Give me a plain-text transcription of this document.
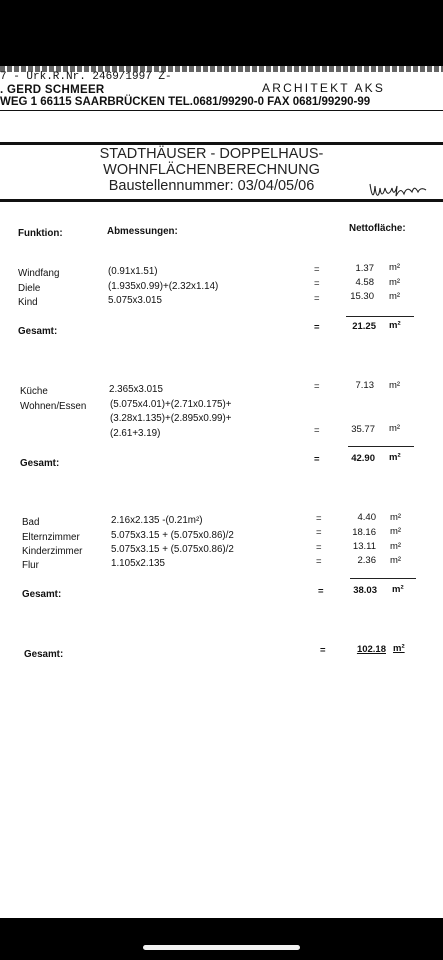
7 - Urk.R.Nr. 2469/1997 Z-
. GERD SCHMEER	ARCHITEKT AKS
WEG 1 66115 SAARBRÜCKEN TEL.0681/99290-0 FAX 0681/99290-99
STADTHÄUSER - DOPPELHAUS-
WOHNFLÄCHENBERECHNUNG
Baustellennummer: 03/04/05/06
Funktion:	Abmessungen:	Nettofläche:
Windfang	(0.91x1.51)	=	1.37 m²
Diele	(1.935x0.99)+(2.32x1.14)	=	4.58 m²
Kind	5.075x3.015	=	15.30 m²
Gesamt:	=	21.25 m²
Küche	2.365x3.015	=	7.13 m²
Wohnen/Essen (5.075x4.01)+(2.71x0.175)+
(3.28x1.135)+(2.895x0.99)+
(2.61+3.19)	=	35.77 m²
Gesamt:	=	42.90 m²
Bad	2.16x2.135 -(0.21m²)	=	4.40 m²
Elternzimmer	5.075x3.15 + (5.075x0.86)/2	=	18.16 m²
Kinderzimmer	5.075x3.15 + (5.075x0.86)/2	=	13.11 m²
Flur	1.105x2.135	=	2.36 m²
Gesamt:	=	38.03 m²
Gesamt:	=	102.18 m²
